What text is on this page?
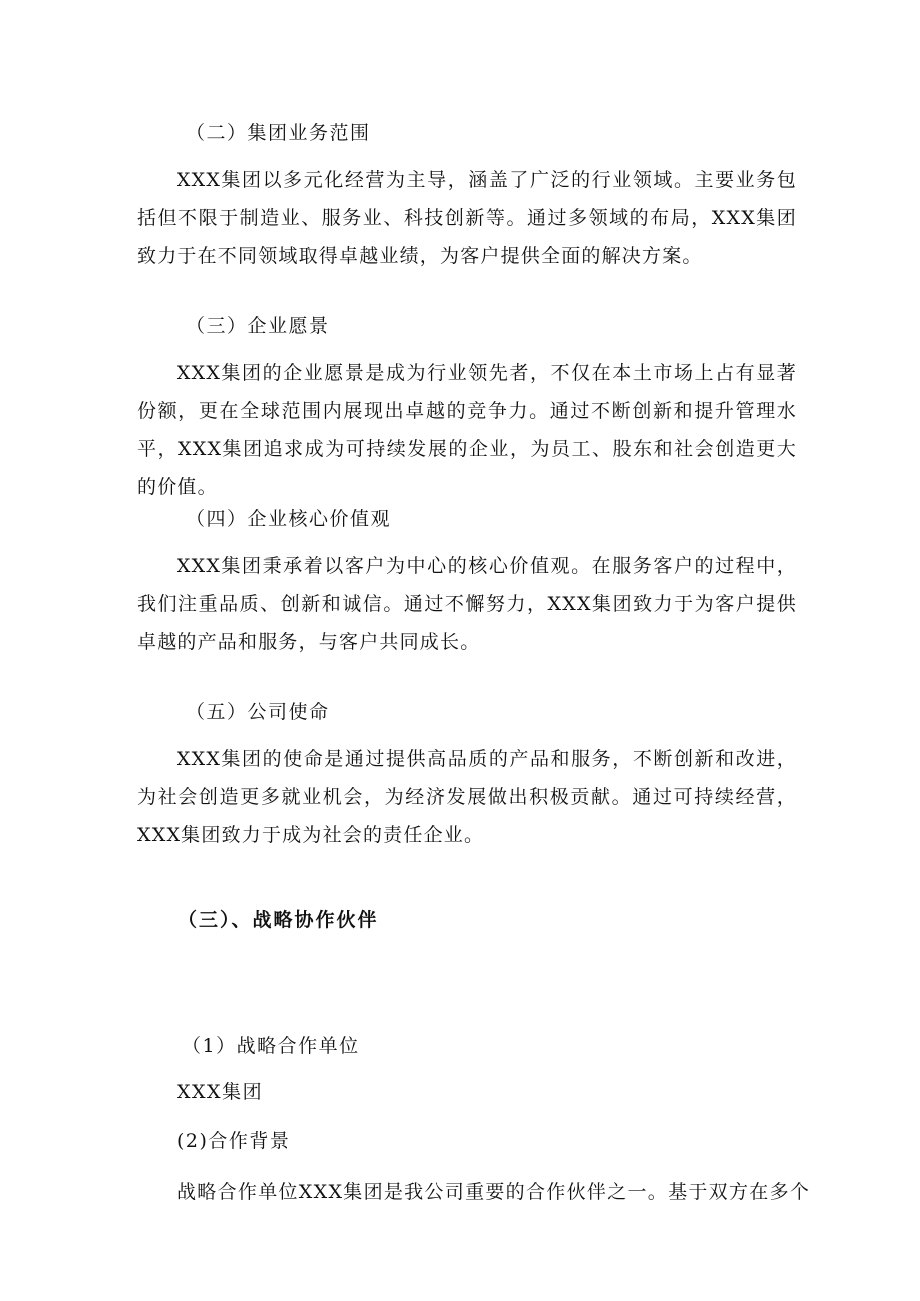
（二）集团业务范围

XXX集团以多元化经营为主导，涵盖了广泛的行业领域。主要业务包括但不限于制造业、服务业、科技创新等。通过多领域的布局，XXX集团致力于在不同领域取得卓越业绩，为客户提供全面的解决方案。

（三）企业愿景

XXX集团的企业愿景是成为行业领先者，不仅在本土市场上占有显著份额，更在全球范围内展现出卓越的竞争力。通过不断创新和提升管理水平，XXX集团追求成为可持续发展的企业，为员工、股东和社会创造更大的价值。

（四）企业核心价值观

XXX集团秉承着以客户为中心的核心价值观。在服务客户的过程中，我们注重品质、创新和诚信。通过不懈努力，XXX集团致力于为客户提供卓越的产品和服务，与客户共同成长。

（五）公司使命

XXX集团的使命是通过提供高品质的产品和服务，不断创新和改进，为社会创造更多就业机会，为经济发展做出积极贡献。通过可持续经营，XXX集团致力于成为社会的责任企业。

（三）、战略协作伙伴

（1）战略合作单位

XXX集团

(2)合作背景

战略合作单位XXX集团是我公司重要的合作伙伴之一。基于双方在多个
